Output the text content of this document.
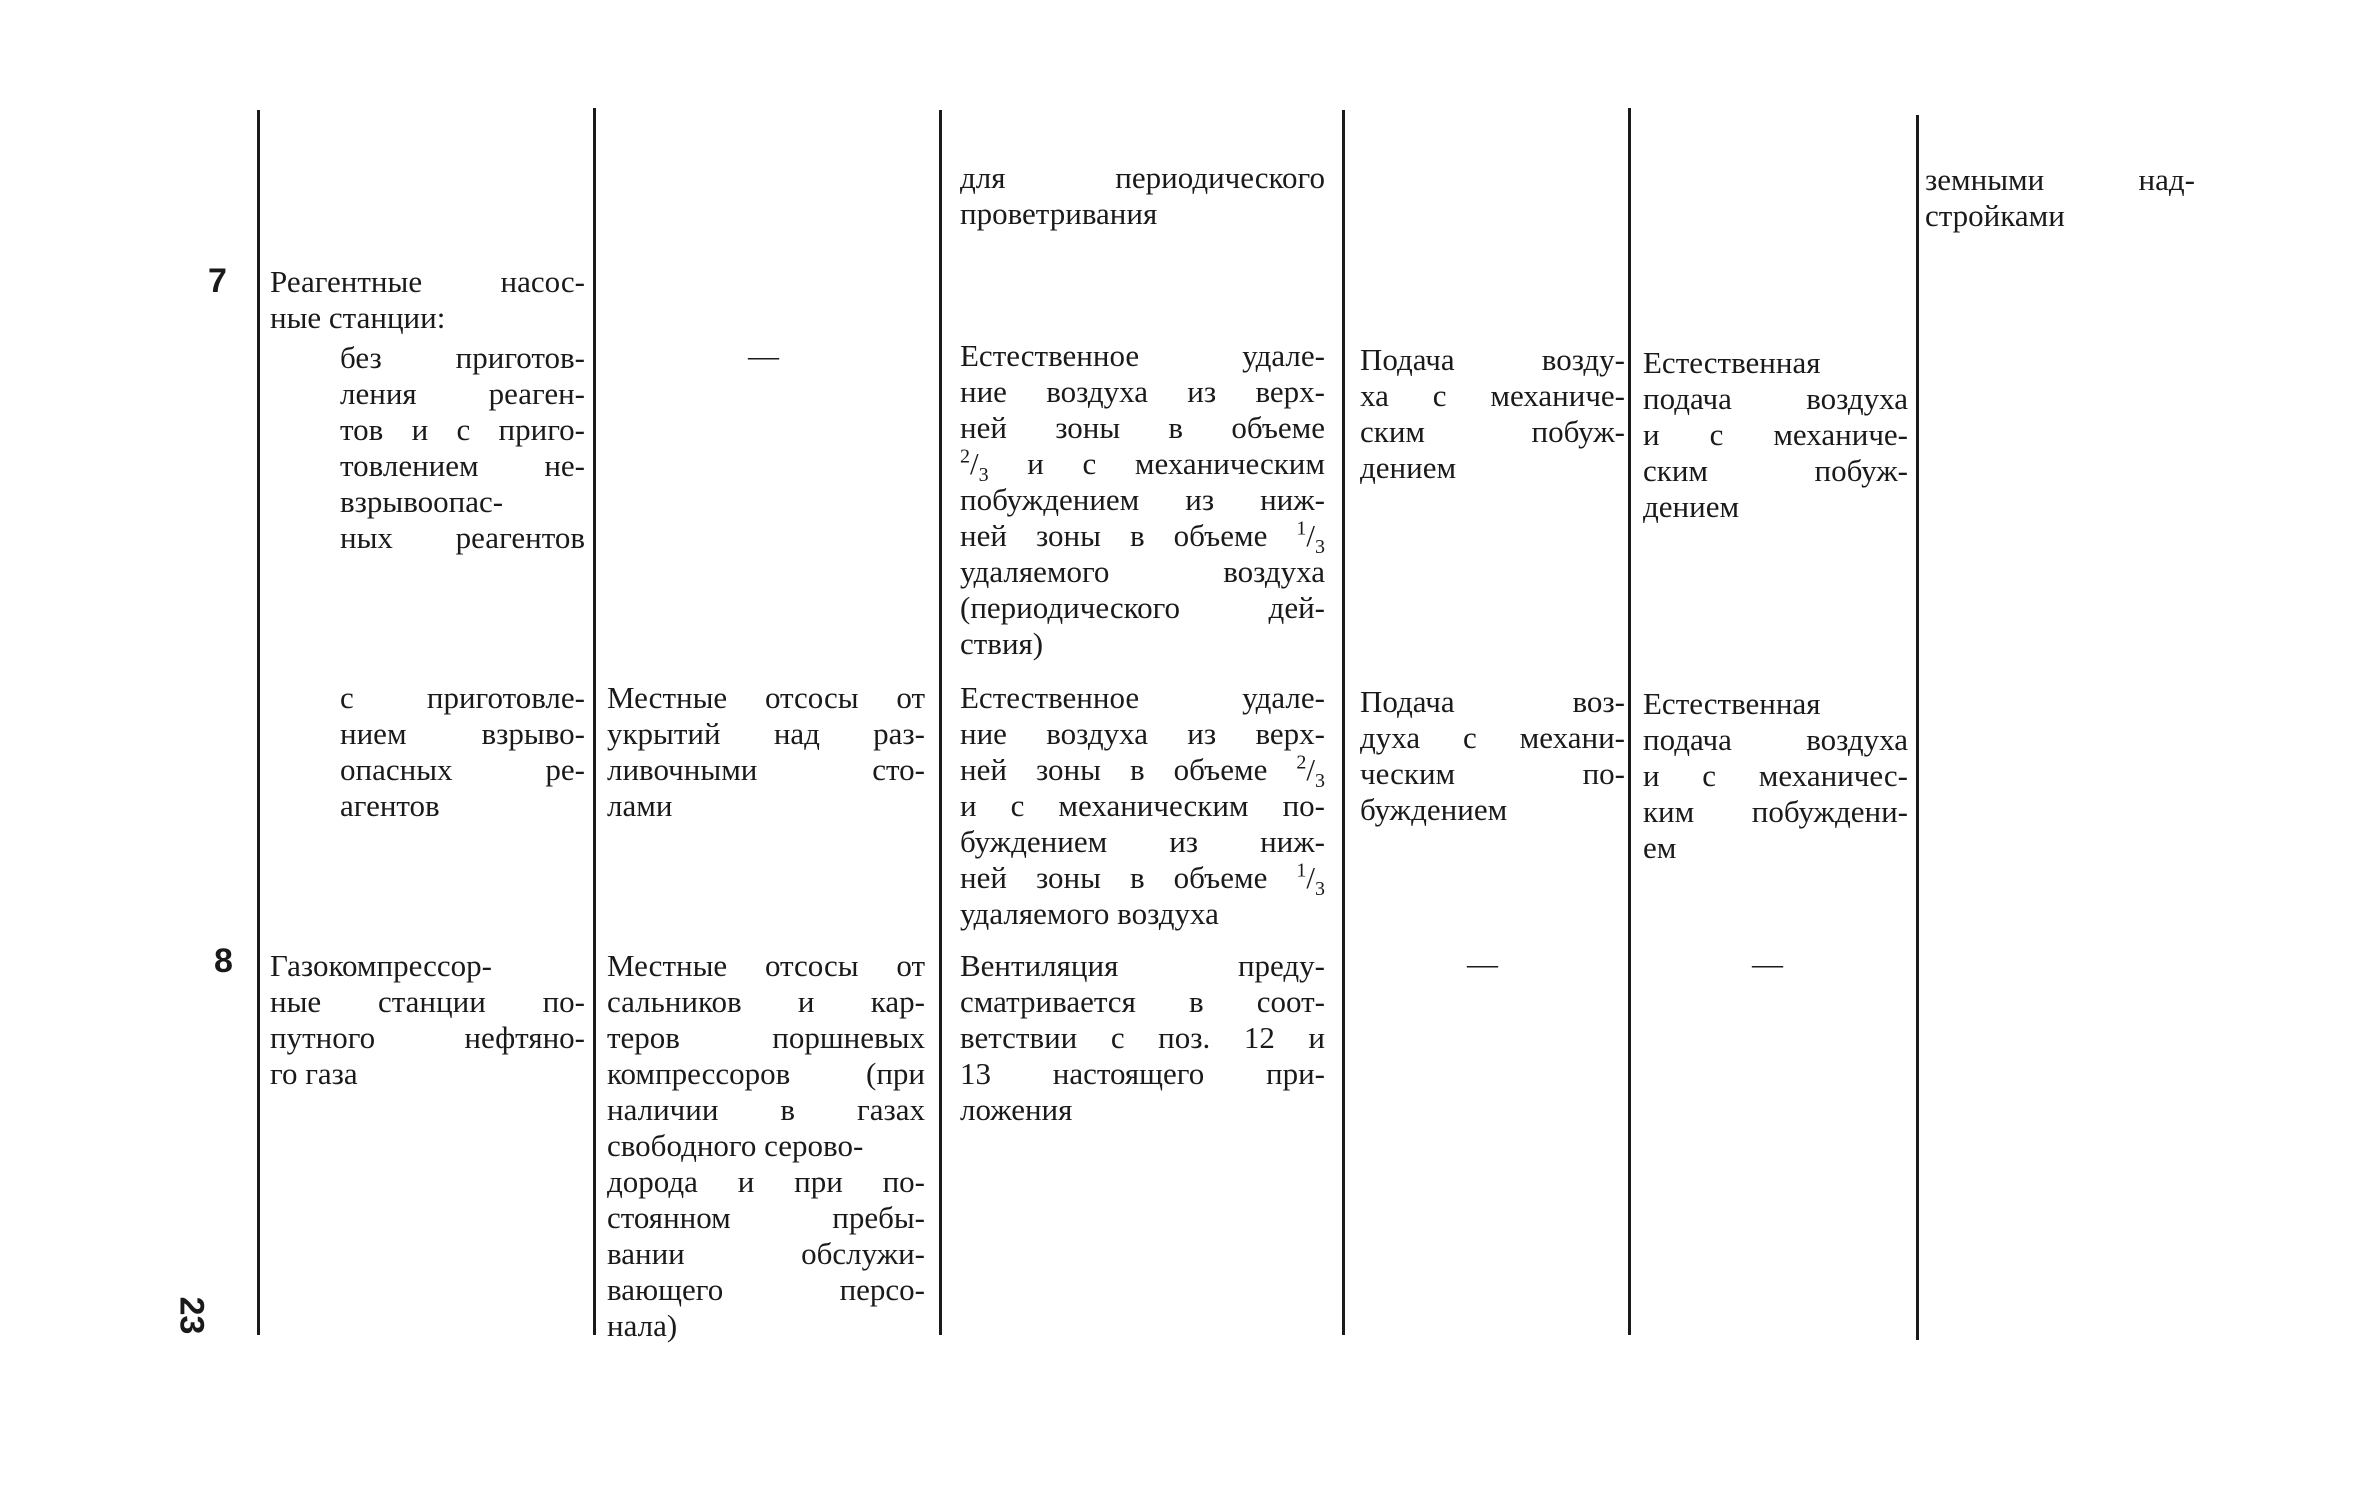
для периодического
проветривания
земными над-
стройками
7 Реагентные насос-
ные станции:
без приготов-
ления реаген-
тов и с приго-
товлением не-
взрывоопас-
ных реагентов
—	Естественное удале-
ние воздуха из верх-
ней зоны в объеме
$^2/_3$ и с механическим
побуждением из ниж-
ней зоны в объеме $^1/_3$
удаляемого воздуха
(периодического дей-
ствия)
Подача возду-
ха с механиче-
ским побуж-
дением
Естественная
подача воздуха
и с механиче-
ским побуж-
дением
с приготовле-
нием взрыво-
опасных ре-
агентов
Местные отсосы от
укрытий над раз-
ливочными сто-
лами
Естественное удале-
ние воздуха из верх-
ней зоны в объеме $^2/_3$
и с механическим по-
буждением из ниж-
ней зоны в объеме $^1/_3$
удаляемого воздуха
Подача воз-
духа с механи-
ческим по-
буждением
Естественная
подача воздуха
и с механичес-
ким побуждени-
ем
8 Газокомпрессор-
ные станции по-
путного нефтяно-
го газа
Местные отсосы от
сальников и кар-
теров поршневых
компрессоров (при
наличии в газах
свободного серово-
дорода и при по-
стоянном пребы-
вании обслужи-
вающего персо-
нала)
Вентиляция преду-
сматривается в соот-
ветствии с поз. 12 и
13 настоящего при-
ложения
—	—
23
